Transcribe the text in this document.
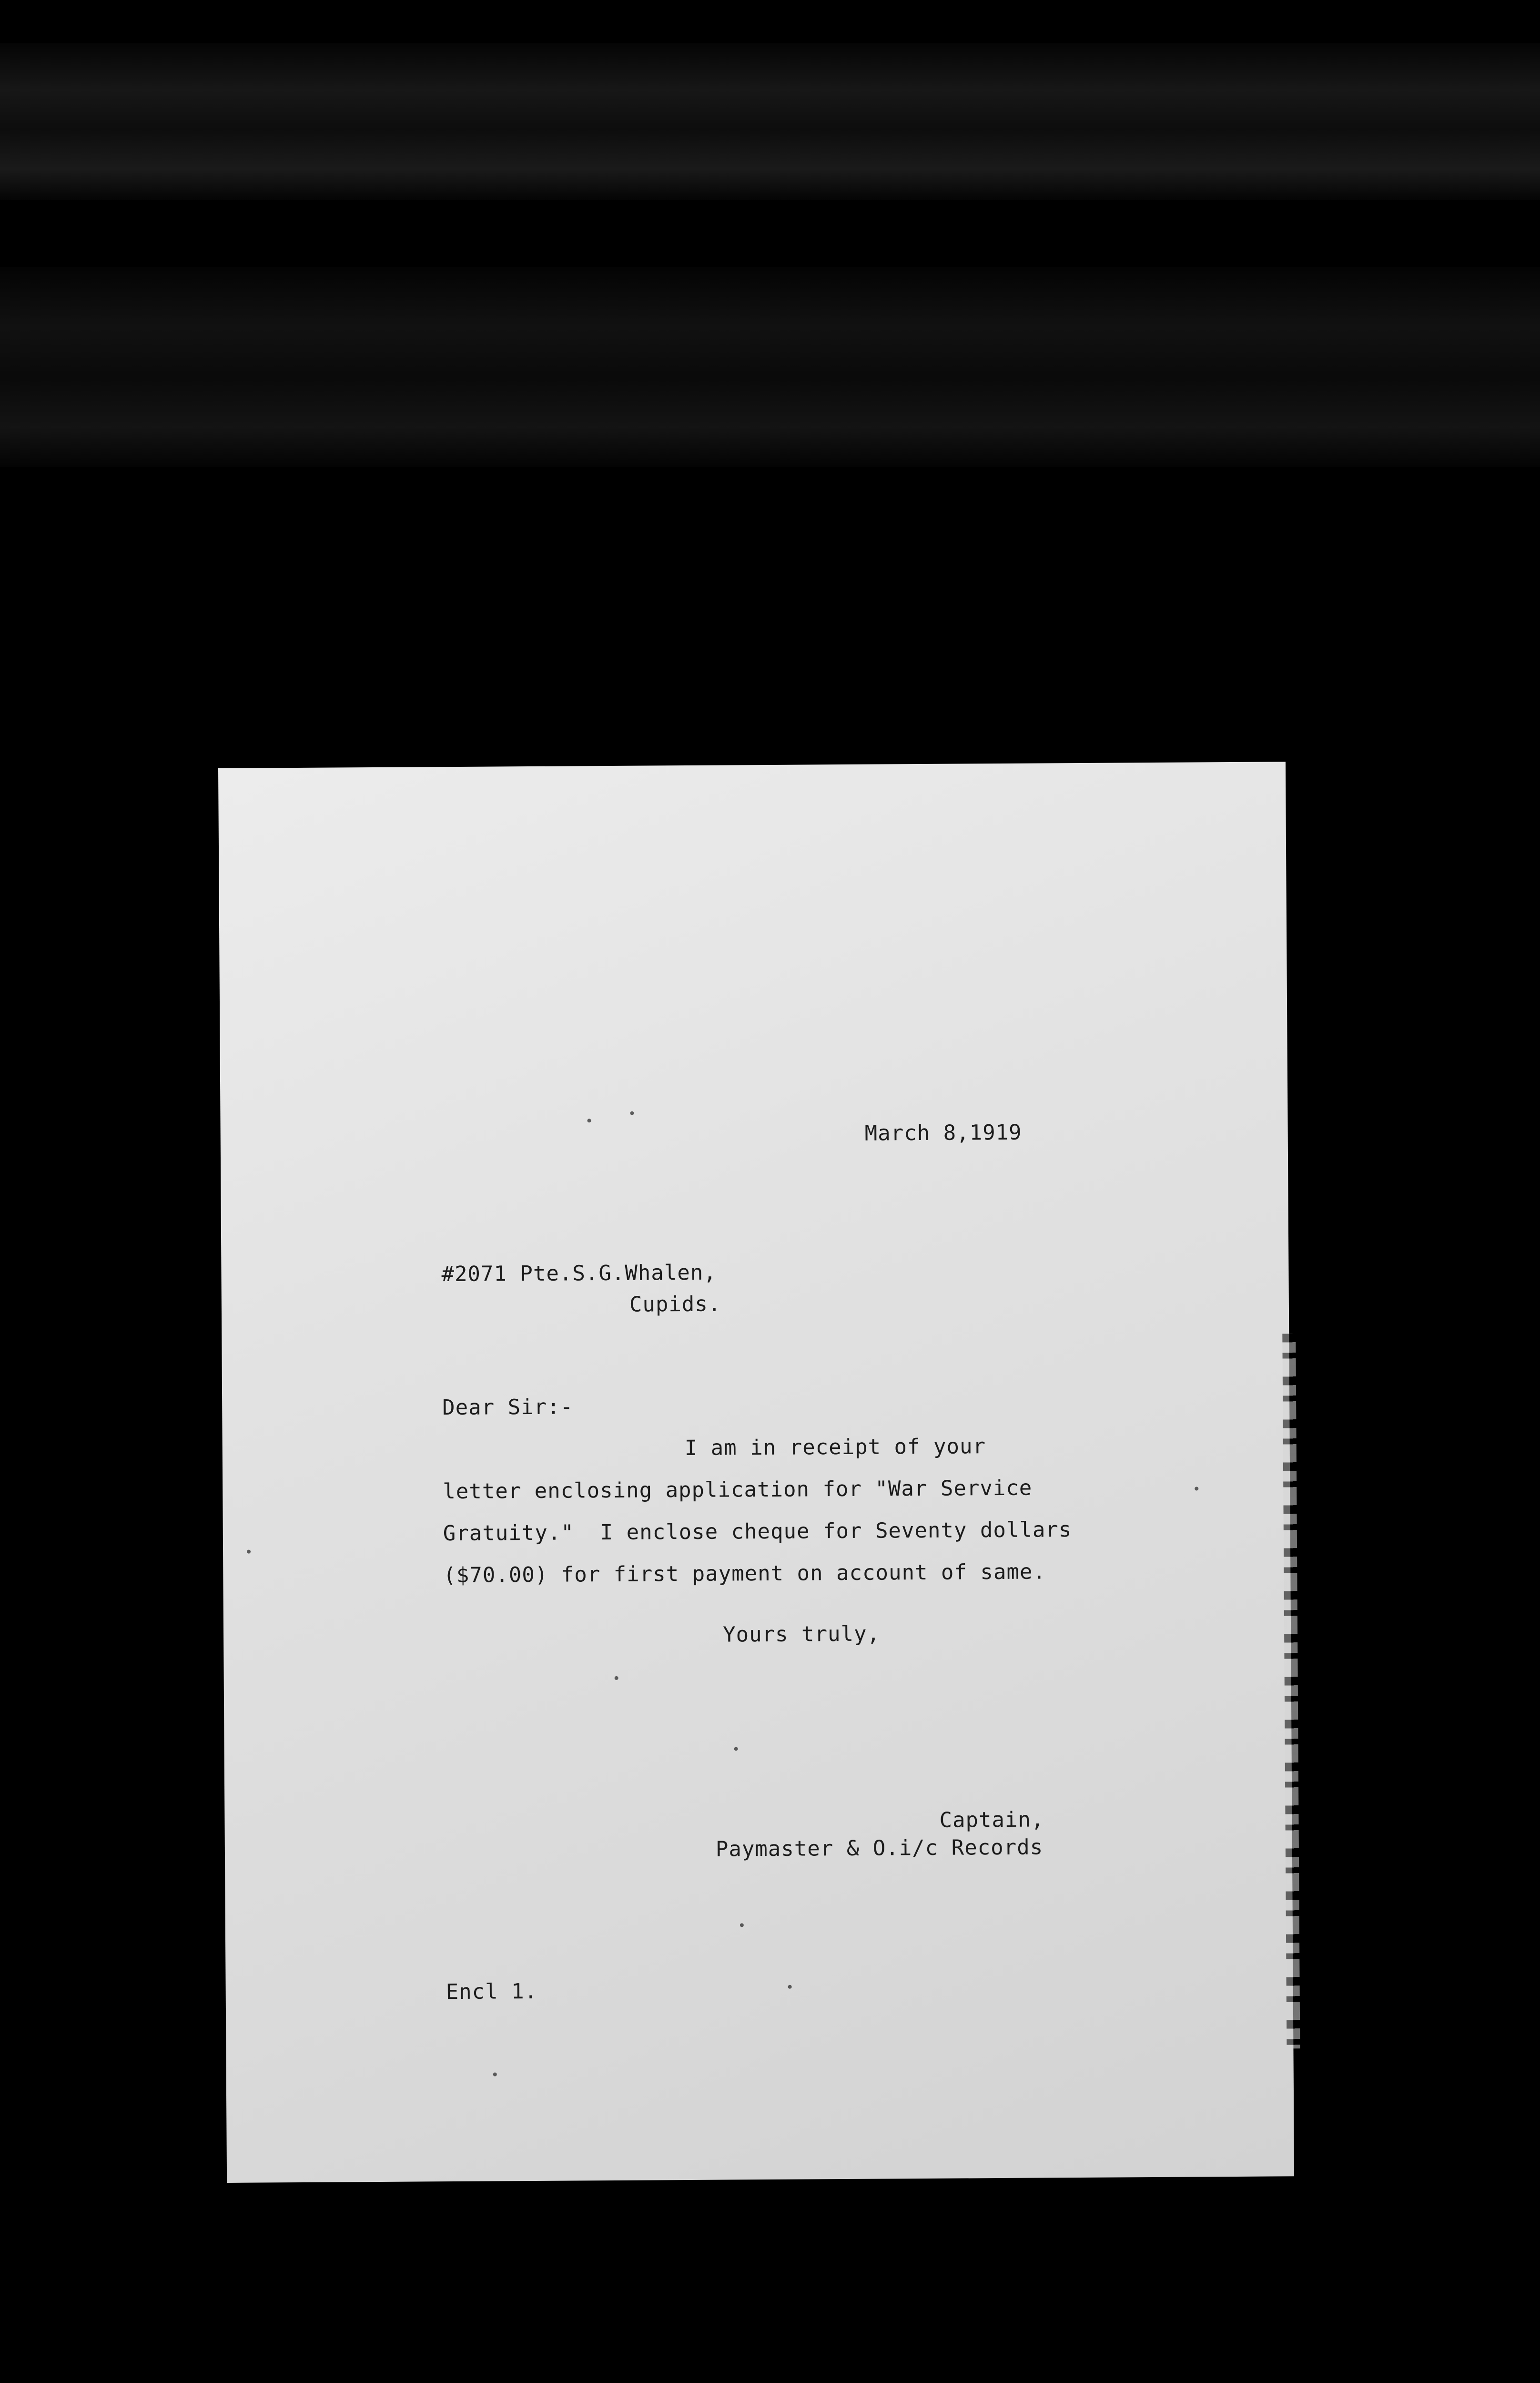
March 8,1919
#2071 Pte.S.G.Whalen,
Cupids.
Dear Sir:-
I am in receipt of your
letter enclosing application for "War Service
Gratuity."  I enclose cheque for Seventy dollars
($70.00) for first payment on account of same.
Yours truly,
Captain,
Paymaster & O.i/c Records
Encl 1.
